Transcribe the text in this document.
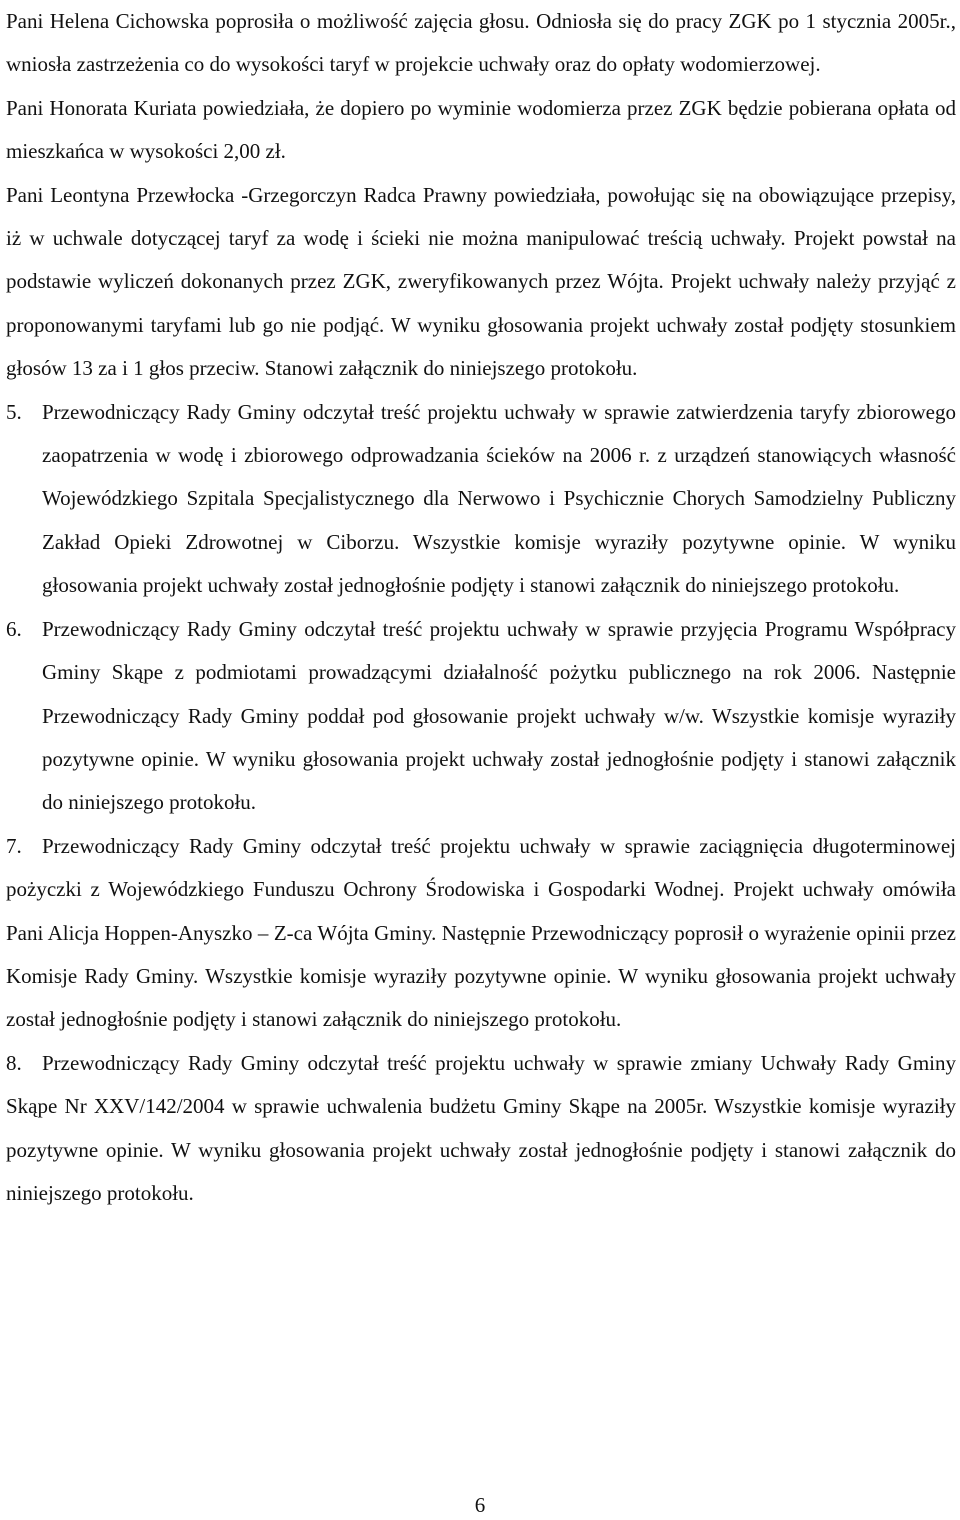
Pani Helena Cichowska poprosiła o możliwość zajęcia głosu. Odniosła się do pracy ZGK po 1 stycznia 2005r., wniosła zastrzeżenia co do wysokości taryf w projekcie uchwały oraz do opłaty wodomierzowej.

Pani Honorata Kuriata powiedziała, że dopiero po wyminie wodomierza przez ZGK będzie pobierana opłata od mieszkańca w wysokości 2,00 zł.

Pani Leontyna Przewłocka -Grzegorczyn Radca Prawny powiedziała, powołując się na obowiązujące przepisy, iż w uchwale dotyczącej taryf za wodę i ścieki nie można manipulować treścią uchwały. Projekt powstał na podstawie wyliczeń dokonanych przez ZGK, zweryfikowanych przez Wójta. Projekt uchwały należy przyjąć z proponowanymi taryfami lub go nie podjąć. W wyniku głosowania projekt uchwały został podjęty stosunkiem głosów 13 za i 1 głos przeciw. Stanowi załącznik do niniejszego protokołu.

5. Przewodniczący Rady Gminy odczytał treść projektu uchwały w sprawie zatwierdzenia taryfy zbiorowego zaopatrzenia w wodę i zbiorowego odprowadzania ścieków na 2006 r. z urządzeń stanowiących własność Wojewódzkiego Szpitala Specjalistycznego dla Nerwowo i Psychicznie Chorych Samodzielny Publiczny Zakład Opieki Zdrowotnej w Ciborzu. Wszystkie komisje wyraziły pozytywne opinie. W wyniku głosowania projekt uchwały został jednogłośnie podjęty i stanowi załącznik do niniejszego protokołu.
6. Przewodniczący Rady Gminy odczytał treść projektu uchwały w sprawie przyjęcia Programu Współpracy Gminy Skąpe z podmiotami prowadzącymi działalność pożytku publicznego na rok 2006. Następnie Przewodniczący Rady Gminy poddał pod głosowanie projekt uchwały w/w. Wszystkie komisje wyraziły pozytywne opinie. W wyniku głosowania projekt uchwały został jednogłośnie podjęty i stanowi załącznik do niniejszego protokołu.
7. Przewodniczący Rady Gminy odczytał treść projektu uchwały w sprawie zaciągnięcia długoterminowej pożyczki z Wojewódzkiego Funduszu Ochrony Środowiska i Gospodarki Wodnej. Projekt uchwały omówiła Pani Alicja Hoppen-Anyszko – Z-ca Wójta Gminy. Następnie Przewodniczący poprosił o wyrażenie opinii przez Komisje Rady Gminy. Wszystkie komisje wyraziły pozytywne opinie. W wyniku głosowania projekt uchwały został jednogłośnie podjęty i stanowi załącznik do niniejszego protokołu.
8. Przewodniczący Rady Gminy odczytał treść projektu uchwały w sprawie zmiany Uchwały Rady Gminy Skąpe Nr XXV/142/2004 w sprawie uchwalenia budżetu Gminy Skąpe na 2005r. Wszystkie komisje wyraziły pozytywne opinie. W wyniku głosowania projekt uchwały został jednogłośnie podjęty i stanowi załącznik do niniejszego protokołu.
6
